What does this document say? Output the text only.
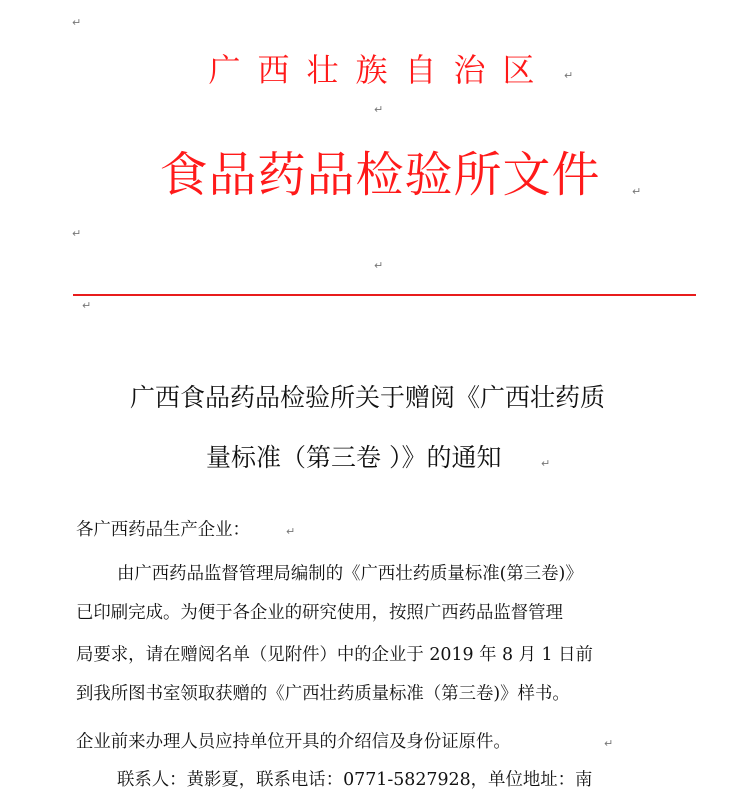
↵
广西壮族自治区	↵
↵
食品药品检验所文件	↵
↵
↵
↵
广西食品药品检验所关于赠阅《广西壮药质
量标准（第三卷 ）》的通知	↵
各广西药品生产企业：	↵
由广西药品监督管理局编制的《广西壮药质量标准(第三卷)》
已印刷完成。为便于各企业的研究使用，按照广西药品监督管理
局要求，请在赠阅名单（见附件）中的企业于 2019 年 8 月 1 日前
到我所图书室领取获赠的《广西壮药质量标准（第三卷)》样书。
企业前来办理人员应持单位开具的介绍信及身份证原件。	↵
联系人：黄影夏，联系电话：0771-5827928，单位地址：南
